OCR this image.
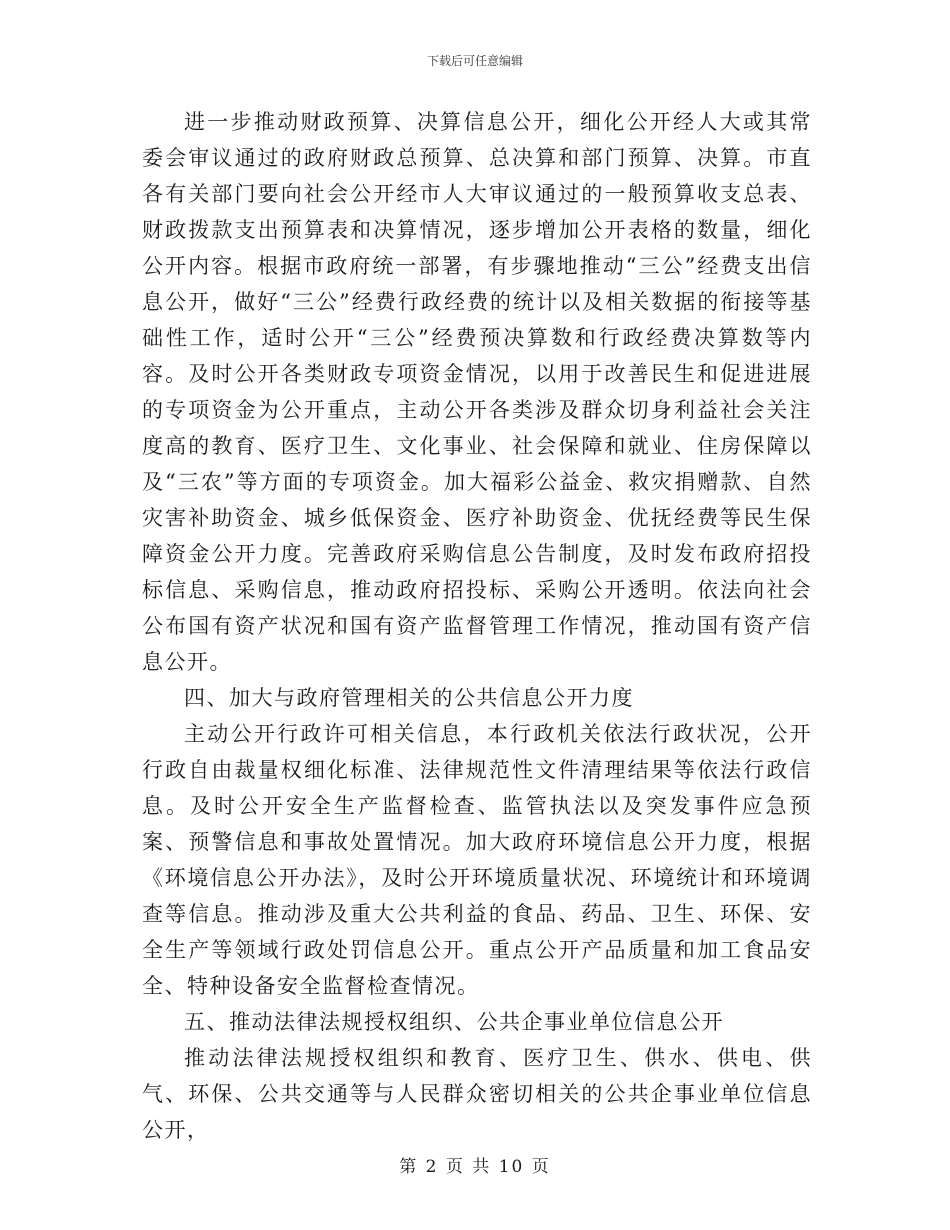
下载后可任意编辑

进一步推动财政预算、决算信息公开，细化公开经人大或其常委会审议通过的政府财政总预算、总决算和部门预算、决算。市直各有关部门要向社会公开经市人大审议通过的一般预算收支总表、财政拨款支出预算表和决算情况，逐步增加公开表格的数量，细化公开内容。根据市政府统一部署，有步骤地推动“三公”经费支出信息公开，做好“三公”经费行政经费的统计以及相关数据的衔接等基础性工作，适时公开“三公”经费预决算数和行政经费决算数等内容。及时公开各类财政专项资金情况，以用于改善民生和促进进展的专项资金为公开重点，主动公开各类涉及群众切身利益社会关注度高的教育、医疗卫生、文化事业、社会保障和就业、住房保障以及“三农”等方面的专项资金。加大福彩公益金、救灾捐赠款、自然灾害补助资金、城乡低保资金、医疗补助资金、优抚经费等民生保障资金公开力度。完善政府采购信息公告制度，及时发布政府招投标信息、采购信息，推动政府招投标、采购公开透明。依法向社会公布国有资产状况和国有资产监督管理工作情况，推动国有资产信息公开。

四、加大与政府管理相关的公共信息公开力度

主动公开行政许可相关信息，本行政机关依法行政状况，公开行政自由裁量权细化标准、法律规范性文件清理结果等依法行政信息。及时公开安全生产监督检查、监管执法以及突发事件应急预案、预警信息和事故处置情况。加大政府环境信息公开力度，根据《环境信息公开办法》，及时公开环境质量状况、环境统计和环境调查等信息。推动涉及重大公共利益的食品、药品、卫生、环保、安全生产等领域行政处罚信息公开。重点公开产品质量和加工食品安全、特种设备安全监督检查情况。

五、推动法律法规授权组织、公共企事业单位信息公开

推动法律法规授权组织和教育、医疗卫生、供水、供电、供气、环保、公共交通等与人民群众密切相关的公共企事业单位信息公开，

第 2 页 共 10 页
